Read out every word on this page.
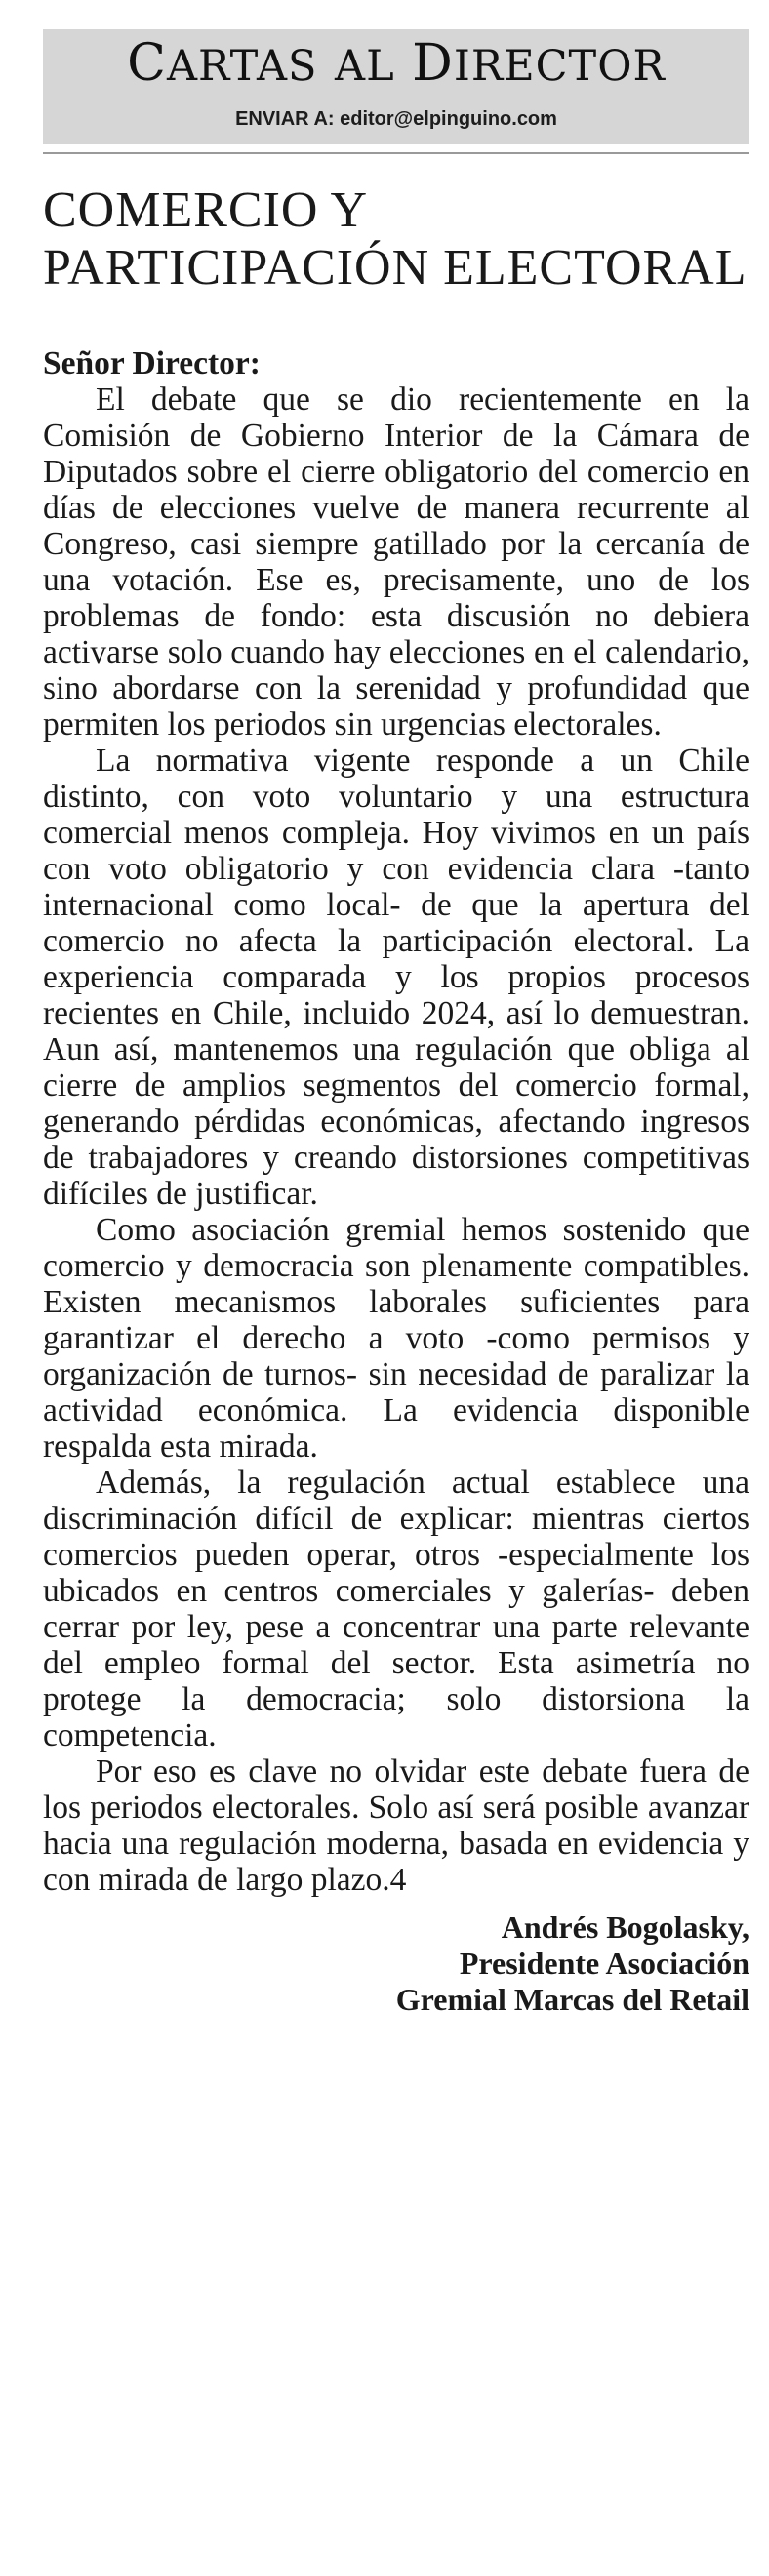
CARTAS AL DIRECTOR
ENVIAR A: editor@elpinguino.com
COMERCIO Y PARTICIPACIÓN ELECTORAL

Señor Director:

El debate que se dio recientemente en la Comisión de Gobierno Interior de la Cámara de Diputados sobre el cierre obligatorio del comercio en días de elecciones vuelve de manera recurrente al Congreso, casi siempre gatillado por la cercanía de una votación. Ese es, precisamente, uno de los problemas de fondo: esta discusión no debiera activarse solo cuando hay elecciones en el calendario, sino abordarse con la serenidad y profundidad que permiten los periodos sin urgencias electorales.

La normativa vigente responde a un Chile distinto, con voto voluntario y una estructura comercial menos compleja. Hoy vivimos en un país con voto obligatorio y con evidencia clara -tanto internacional como local- de que la apertura del comercio no afecta la participación electoral. La experiencia comparada y los propios procesos recientes en Chile, incluido 2024, así lo demuestran. Aun así, mantenemos una regulación que obliga al cierre de amplios segmentos del comercio formal, generando pérdidas económicas, afectando ingresos de trabajadores y creando distorsiones competitivas difíciles de justificar.

Como asociación gremial hemos sostenido que comercio y democracia son plenamente compatibles. Existen mecanismos laborales suficientes para garantizar el derecho a voto -como permisos y organización de turnos- sin necesidad de paralizar la actividad económica. La evidencia disponible respalda esta mirada.

Además, la regulación actual establece una discriminación difícil de explicar: mientras ciertos comercios pueden operar, otros -especialmente los ubicados en centros comerciales y galerías- deben cerrar por ley, pese a concentrar una parte relevante del empleo formal del sector. Esta asimetría no protege la democracia; solo distorsiona la competencia.

Por eso es clave no olvidar este debate fuera de los periodos electorales. Solo así será posible avanzar hacia una regulación moderna, basada en evidencia y con mirada de largo plazo.4

Andrés Bogolasky,
Presidente Asociación
Gremial Marcas del Retail
